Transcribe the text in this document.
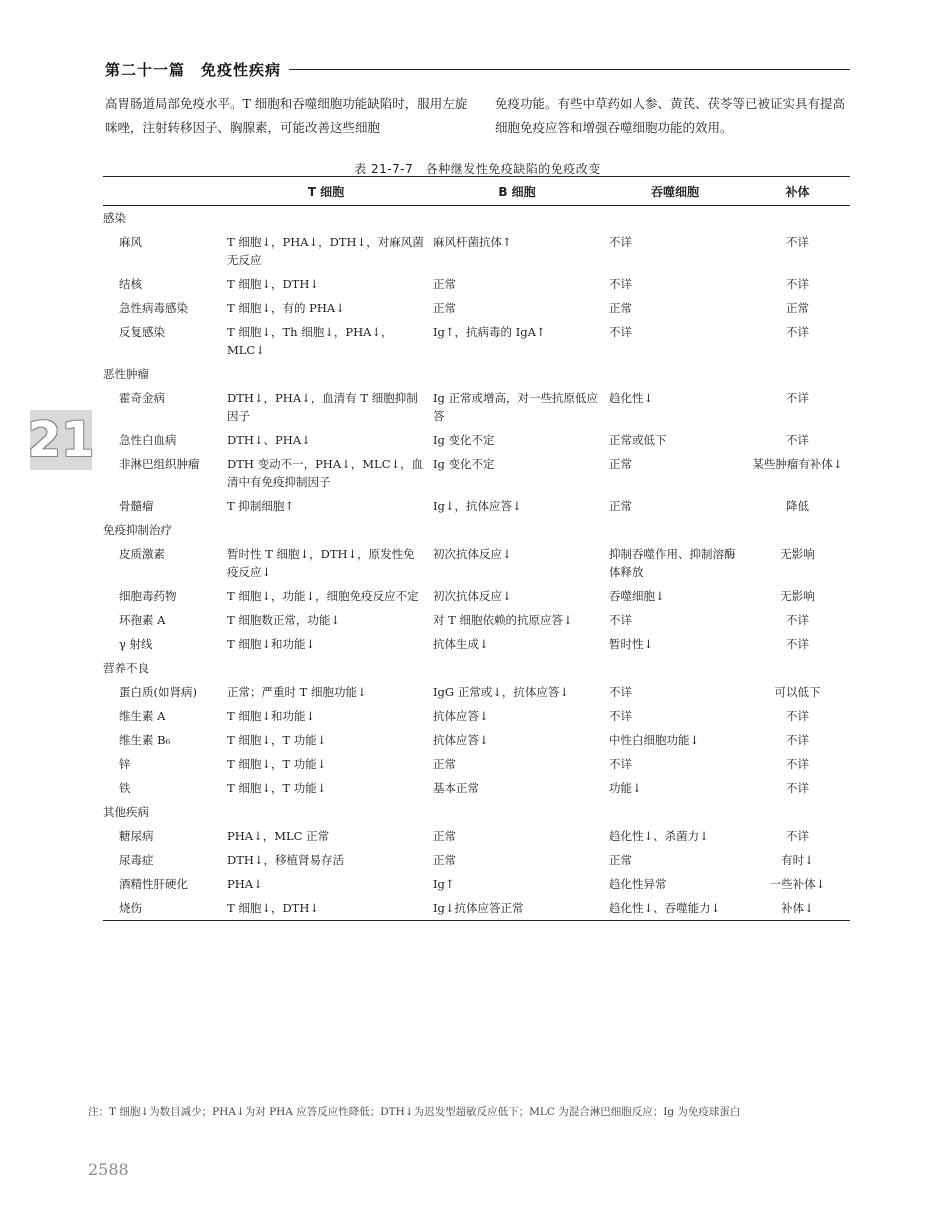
第二十一篇　免疫性疾病
高胃肠道局部免疫水平。T 细胞和吞噬细胞功能缺陷时，服用左旋咪唑，注射转移因子、胸腺素，可能改善这些细胞
免疫功能。有些中草药如人参、黄芪、茯苓等已被证实具有提高细胞免疫应答和增强吞噬细胞功能的效用。
21
表 21-7-7　各种继发性免疫缺陷的免疫改变
	T 细胞	B 细胞	吞噬细胞	补体
感染				
麻风	T 细胞↓，PHA↓，DTH↓，对麻风菌无反应	麻风杆菌抗体↑	不详	不详
结核	T 细胞↓，DTH↓	正常	不详	不详
急性病毒感染	T 细胞↓，有的 PHA↓	正常	正常	正常
反复感染	T 细胞↓，Th 细胞↓，PHA↓，MLC↓	Ig↑，抗病毒的 IgA↑	不详	不详
恶性肿瘤				
霍奇金病	DTH↓，PHA↓，血清有 T 细胞抑制因子	Ig 正常或增高，对一些抗原低应答	趋化性↓	不详
急性白血病	DTH↓、PHA↓	Ig 变化不定	正常或低下	不详
非淋巴组织肿瘤	DTH 变动不一，PHA↓，MLC↓，血清中有免疫抑制因子	Ig 变化不定	正常	某些肿瘤有补体↓
骨髓瘤	T 抑制细胞↑	Ig↓，抗体应答↓	正常	降低
免疫抑制治疗				
皮质激素	暂时性 T 细胞↓，DTH↓，原发性免疫反应↓	初次抗体反应↓	抑制吞噬作用、抑制溶酶体释放	无影响
细胞毒药物	T 细胞↓，功能↓，细胞免疫反应不定	初次抗体反应↓	吞噬细胞↓	无影响
环孢素 A	T 细胞数正常，功能↓	对 T 细胞依赖的抗原应答↓	不详	不详
γ 射线	T 细胞↓和功能↓	抗体生成↓	暂时性↓	不详
营养不良				
蛋白质(如肾病)	正常；严重时 T 细胞功能↓	IgG 正常或↓，抗体应答↓	不详	可以低下
维生素 A	T 细胞↓和功能↓	抗体应答↓	不详	不详
维生素 B₆	T 细胞↓，T 功能↓	抗体应答↓	中性白细胞功能↓	不详
锌	T 细胞↓，T 功能↓	正常	不详	不详
铁	T 细胞↓，T 功能↓	基本正常	功能↓	不详
其他疾病				
糖尿病	PHA↓，MLC 正常	正常	趋化性↓、杀菌力↓	不详
尿毒症	DTH↓，移植肾易存活	正常	正常	有时↓
酒精性肝硬化	PHA↓	Ig↑	趋化性异常	一些补体↓
烧伤	T 细胞↓，DTH↓	Ig↓抗体应答正常	趋化性↓、吞噬能力↓	补体↓
注：T 细胞↓为数目减少；PHA↓为对 PHA 应答反应性降低；DTH↓为迟发型超敏反应低下；MLC 为混合淋巴细胞反应；Ig 为免疫球蛋白
2588
